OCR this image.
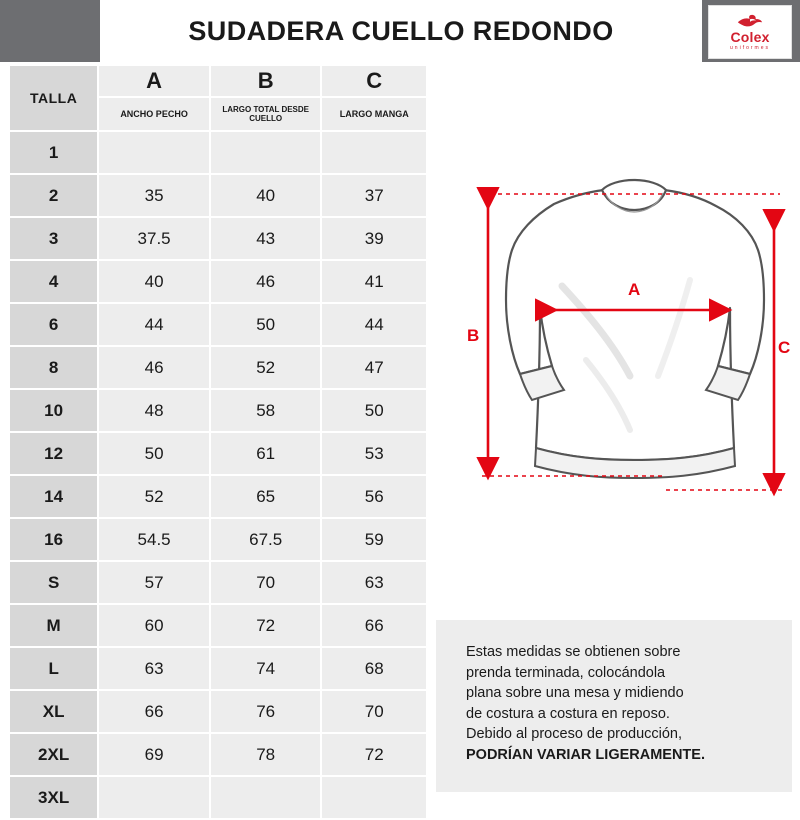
SUDADERA CUELLO REDONDO	Colex
uniformes
TALLA	A	B	C
	ANCHO PECHO	LARGO TOTAL DESDE CUELLO	LARGO MANGA
1			
2	35	40	37
3	37.5	43	39
4	40	46	41
6	44	50	44
8	46	52	47
10	48	58	50
12	50	61	53
14	52	65	56
16	54.5	67.5	59
S	57	70	63
M	60	72	66
L	63	74	68
XL	66	76	70
2XL	69	78	72
3XL			
B
C
A

Estas medidas se obtienen sobre

prenda terminada, colocándola

plana sobre una mesa y midiendo

de costura a costura en reposo.

Debido al proceso de producción,

PODRÍAN VARIAR LIGERAMENTE.
